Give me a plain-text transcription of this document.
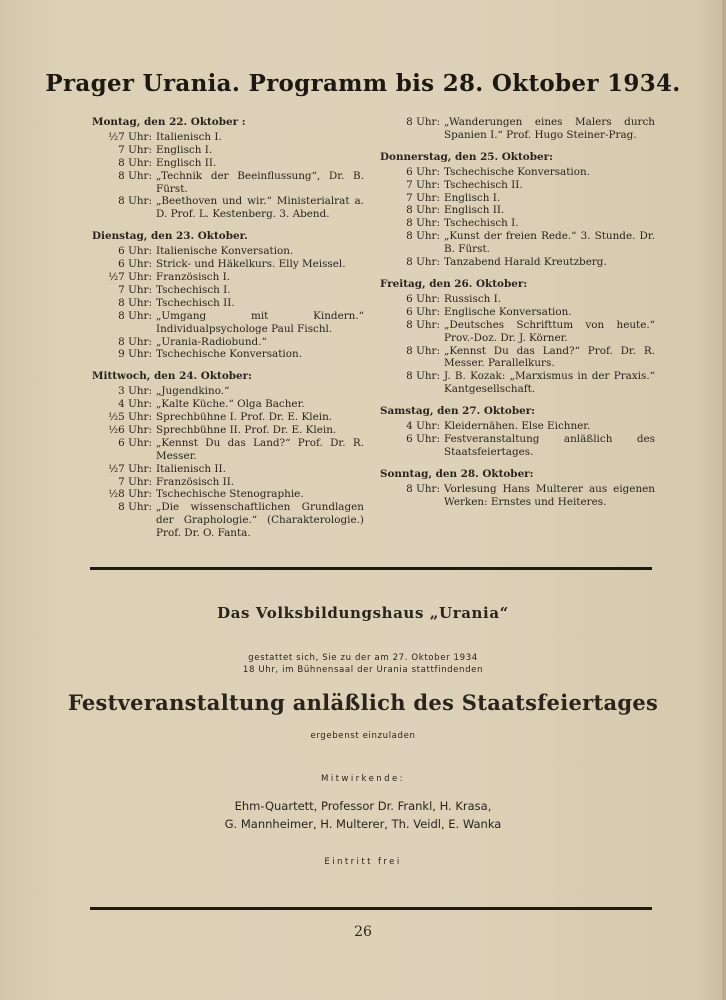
Prager Urania. Programm bis 28. Oktober 1934.
Montag, den 22. Oktober :
½7 Uhr: Italienisch I.
7 Uhr: Englisch I.
8 Uhr: Englisch II.
8 Uhr: „Technik der Beeinflussung“, Dr. B. Fürst.
8 Uhr: „Beethoven und wir.“ Ministerialrat a. D. Prof. L. Kestenberg. 3. Abend.
Dienstag, den 23. Oktober.
6 Uhr: Italienische Konversation.
6 Uhr: Strick- und Häkelkurs. Elly Meissel.
½7 Uhr: Französisch I.
7 Uhr: Tschechisch I.
8 Uhr: Tschechisch II.
8 Uhr: „Umgang mit Kindern.“ Individualpsychologe Paul Fischl.
8 Uhr: „Urania-Radiobund.“
9 Uhr: Tschechische Konversation.
Mittwoch, den 24. Oktober:
3 Uhr: „Jugendkino.“
4 Uhr: „Kalte Küche.“ Olga Bacher.
½5 Uhr: Sprechbühne I. Prof. Dr. E. Klein.
½6 Uhr: Sprechbühne II. Prof. Dr. E. Klein.
6 Uhr: „Kennst Du das Land?“ Prof. Dr. R. Messer.
½7 Uhr: Italienisch II.
7 Uhr: Französisch II.
½8 Uhr: Tschechische Stenographie.
8 Uhr: „Die wissenschaftlichen Grundlagen der Graphologie.“ (Charakterologie.) Prof. Dr. O. Fanta.
8 Uhr: „Wanderungen eines Malers durch Spanien I.“ Prof. Hugo Steiner-Prag.
Donnerstag, den 25. Oktober:
6 Uhr: Tschechische Konversation.
7 Uhr: Tschechisch II.
7 Uhr: Englisch I.
8 Uhr: Englisch II.
8 Uhr: Tschechisch I.
8 Uhr: „Kunst der freien Rede.“ 3. Stunde. Dr. B. Fürst.
8 Uhr: Tanzabend Harald Kreutzberg.
Freitag, den 26. Oktober:
6 Uhr: Russisch I.
6 Uhr: Englische Konversation.
8 Uhr: „Deutsches Schrifttum von heute.“ Prov.-Doz. Dr. J. Körner.
8 Uhr: „Kennst Du das Land?“ Prof. Dr. R. Messer. Parallelkurs.
8 Uhr: J. B. Kozak: „Marxismus in der Praxis.“ Kantgesellschaft.
Samstag, den 27. Oktober:
4 Uhr: Kleidernähen. Else Eichner.
6 Uhr: Festveranstaltung anläßlich des Staatsfeiertages.
Sonntag, den 28. Oktober:
8 Uhr: Vorlesung Hans Multerer aus eigenen Werken: Ernstes und Heiteres.
Das Volksbildungshaus „Urania“
gestattet sich, Sie zu der am 27. Oktober 1934
18 Uhr, im Bühnensaal der Urania stattfindenden
Festveranstaltung anläßlich des Staatsfeiertages
ergebenst einzuladen
Mitwirkende:
Ehm-Quartett, Professor Dr. Frankl, H. Krasa,
G. Mannheimer, H. Multerer, Th. Veidl, E. Wanka
Eintritt frei
26
